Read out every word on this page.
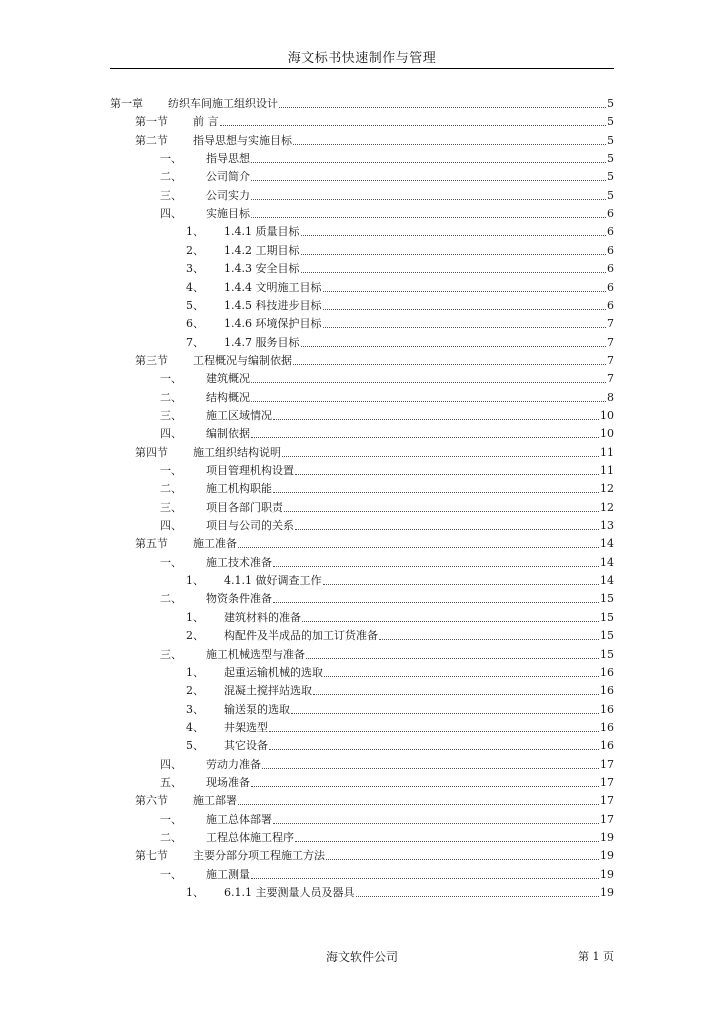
海文标书快速制作与管理
第一章	纺织车间施工组织设计	5
第一节	前 言	5
第二节	指导思想与实施目标	5
一、	指导思想	5
二、	公司简介	5
三、	公司实力	5
四、	实施目标	6
1、	1.4.1 质量目标	6
2、	1.4.2 工期目标	6
3、	1.4.3 安全目标	6
4、	1.4.4 文明施工目标	6
5、	1.4.5 科技进步目标	6
6、	1.4.6 环境保护目标	7
7、	1.4.7 服务目标	7
第三节	工程概况与编制依据	7
一、	建筑概况	7
二、	结构概况	8
三、	施工区域情况	10
四、	编制依据	10
第四节	施工组织结构说明	11
一、	项目管理机构设置	11
二、	施工机构职能	12
三、	项目各部门职责	12
四、	项目与公司的关系	13
第五节	施工准备	14
一、	施工技术准备	14
1、	4.1.1 做好调查工作	14
二、	物资条件准备	15
1、	建筑材料的准备	15
2、	构配件及半成品的加工订货准备	15
三、	施工机械选型与准备	15
1、	起重运输机械的选取	16
2、	混凝土搅拌站选取	16
3、	输送泵的选取	16
4、	井架选型	16
5、	其它设备	16
四、	劳动力准备	17
五、	现场准备	17
第六节	施工部署	17
一、	施工总体部署	17
二、	工程总体施工程序	19
第七节	主要分部分项工程施工方法	19
一、	施工测量	19
1、	6.1.1 主要测量人员及器具	19
海文软件公司	第 1 页
